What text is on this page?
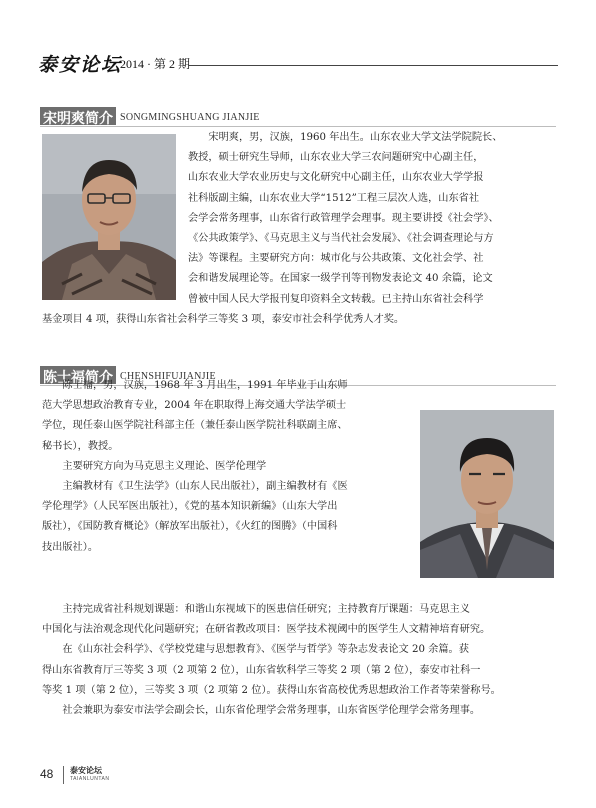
泰安论坛
2014 · 第 2 期
宋明爽简介 SONGMINGSHUANG JIANJIE

宋明爽，男，汉族，1960 年出生。山东农业大学文法学院院长、

教授，硕士研究生导师，山东农业大学三农问题研究中心副主任，

山东农业大学农业历史与文化研究中心副主任，山东农业大学学报

社科版副主编，山东农业大学“1512”工程三层次人选，山东省社

会学会常务理事，山东省行政管理学会理事。现主要讲授《社会学》、

《公共政策学》、《马克思主义与当代社会发展》、《社会调查理论与方

法》等课程。主要研究方向：城市化与公共政策、文化社会学、社

会和谐发展理论等。在国家一级学刊等刊物发表论文 40 余篇，论文

曾被中国人民大学报刊复印资料全文转载。已主持山东省社会科学

基金项目 4 项，获得山东省社会科学三等奖 3 项，泰安市社会科学优秀人才奖。

陈士福简介 CHENSHIFUJIANJIE

陈士福，男，汉族，1968 年 3 月出生，1991 年毕业于山东师

范大学思想政治教育专业，2004 年在职取得上海交通大学法学硕士

学位，现任泰山医学院社科部主任（兼任泰山医学院社科联副主席、

秘书长），教授。

主要研究方向为马克思主义理论、医学伦理学

主编教材有《卫生法学》（山东人民出版社），副主编教材有《医

学伦理学》（人民军医出版社），《党的基本知识新编》（山东大学出

版社），《国防教育概论》（解放军出版社），《火红的图腾》（中国科

技出版社）。

主持完成省社科规划课题：和谐山东视域下的医患信任研究；主持教育厅课题：马克思主义

中国化与法治观念现代化问题研究；在研省教改项目：医学技术视阈中的医学生人文精神培育研究。

在《山东社会科学》、《学校党建与思想教育》、《医学与哲学》等杂志发表论文 20 余篇。获

得山东省教育厅三等奖 3 项（2 项第 2 位），山东省软科学三等奖 2 项（第 2 位），泰安市社科一

等奖 1 项（第 2 位），三等奖 3 项（2 项第 2 位）。获得山东省高校优秀思想政治工作者等荣誉称号。

社会兼职为泰安市法学会副会长，山东省伦理学会常务理事，山东省医学伦理学会常务理事。

48 泰安论坛
TAIANLUNTAN
